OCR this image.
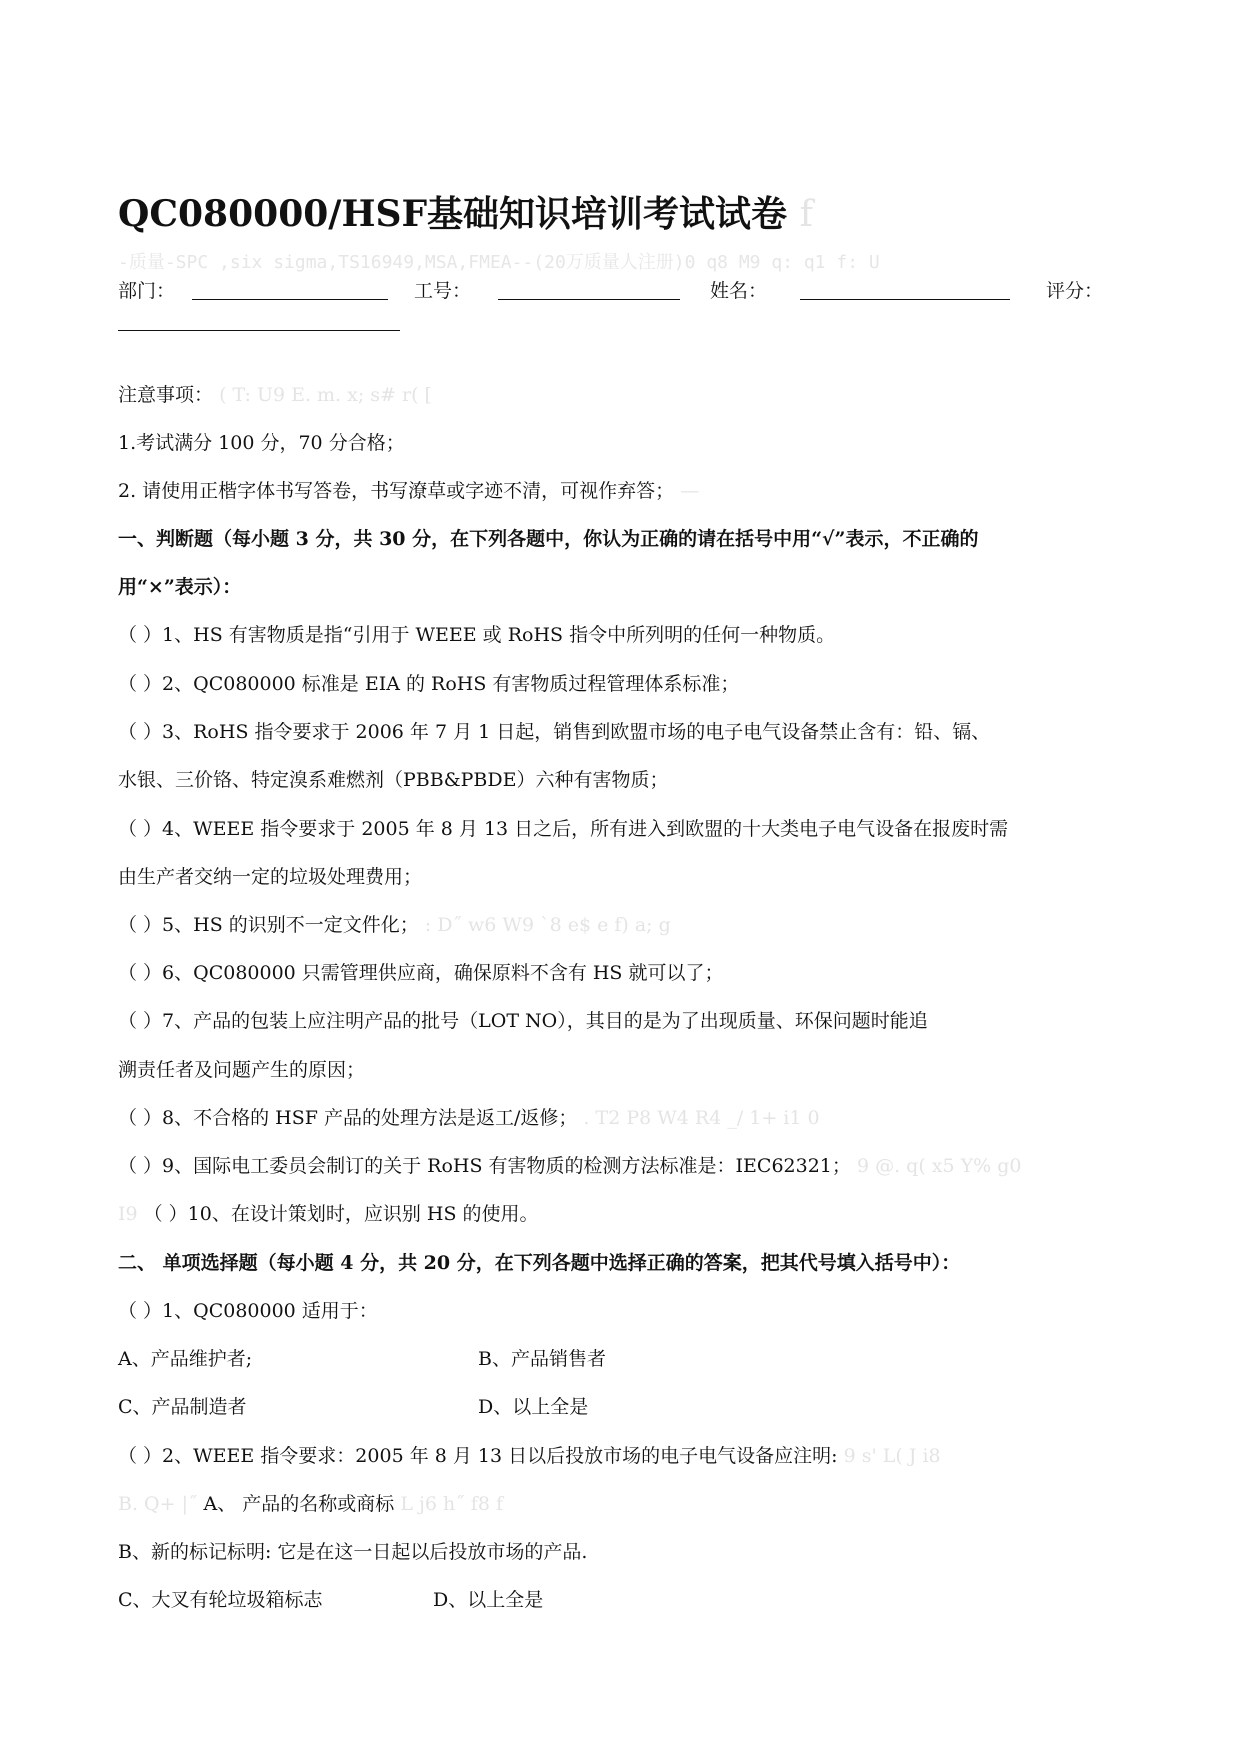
QC080000/HSF基础知识培训考试试卷 f
-质量-SPC ,six sigma,TS16949,MSA,FMEA--(20万质量人注册)0 q8 M9 q: q1 f: U
部门：	工号：	姓名：	评分：
注意事项： ( T: U9 E. m. x; s# r( [
1.考试满分 100 分，70 分合格；
2. 请使用正楷字体书写答卷，书写潦草或字迹不清，可视作弃答； —
一、判断题（每小题 3 分，共 30 分，在下列各题中，你认为正确的请在括号中用“√”表示，不正确的
用“×”表示）：
（ ）1、HS 有害物质是指“引用于 WEEE 或 RoHS 指令中所列明的任何一种物质。
（ ）2、QC080000 标准是 EIA 的 RoHS 有害物质过程管理体系标准；
（ ）3、RoHS 指令要求于 2006 年 7 月 1 日起，销售到欧盟市场的电子电气设备禁止含有：铅、镉、
水银、三价铬、特定溴系难燃剂（PBB&PBDE）六种有害物质；
（ ）4、WEEE 指令要求于 2005 年 8 月 13 日之后，所有进入到欧盟的十大类电子电气设备在报废时需
由生产者交纳一定的垃圾处理费用；
（ ）5、HS 的识别不一定文件化； : D˝ w6 W9 `8 e$ e f) a; g
（ ）6、QC080000 只需管理供应商，确保原料不含有 HS 就可以了；
（ ）7、产品的包装上应注明产品的批号（LOT NO），其目的是为了出现质量、环保问题时能追
溯责任者及问题产生的原因；
（ ）8、不合格的 HSF 产品的处理方法是返工/返修； . T2 P8 W4 R4 _/ 1+ i1 0
（ ）9、国际电工委员会制订的关于 RoHS 有害物质的检测方法标准是：IEC62321； 9 @. q( x5 Y% g0
I9 （ ）10、在设计策划时，应识别 HS 的使用。
二、 单项选择题（每小题 4 分，共 20 分，在下列各题中选择正确的答案，把其代号填入括号中）：
（ ）1、QC080000 适用于：
A、产品维护者;	B、产品销售者
C、产品制造者	D、以上全是
（ ）2、WEEE 指令要求：2005 年 8 月 13 日以后投放市场的电子电气设备应注明: 9 s' L( J i8
B. Q+ |˝ A、 产品的名称或商标 L j6 h˝ f8 f
B、新的标记标明: 它是在这一日起以后投放市场的产品.
C、大叉有轮垃圾箱标志	D、以上全是
